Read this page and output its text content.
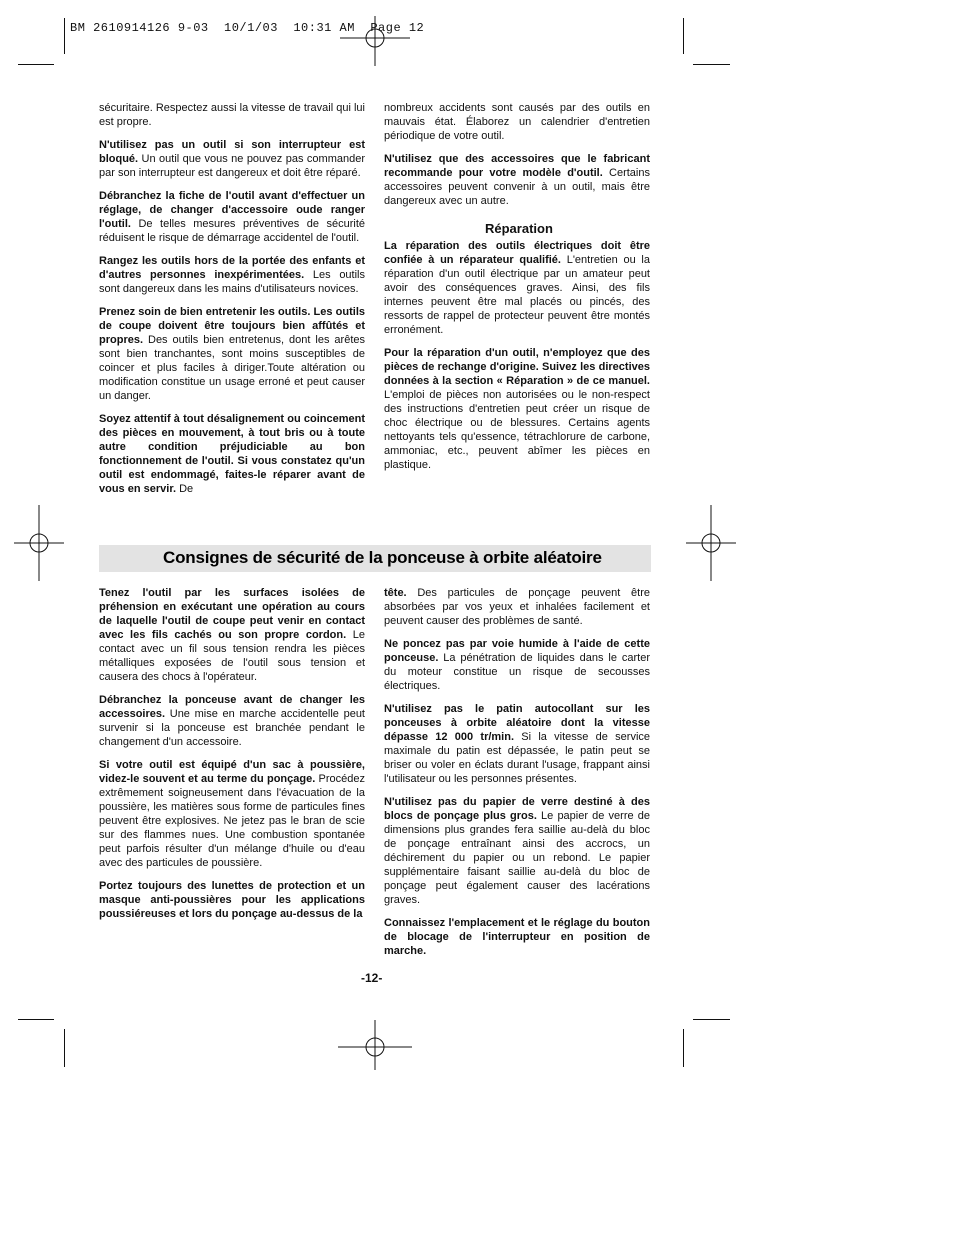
BM 2610914126 9-03  10/1/03  10:31 AM  Page 12

sécuritaire. Respectez aussi la vitesse de travail qui lui est propre.

N'utilisez pas un outil si son interrupteur est bloqué. Un outil que vous ne pouvez pas commander par son interrupteur est dangereux et doit être réparé.

Débranchez la fiche de l'outil avant d'effectuer un réglage, de changer d'accessoire oude ranger l'outil. De telles mesures préventives de sécurité réduisent le risque de démarrage accidentel de l'outil.

Rangez les outils hors de la portée des enfants et d'autres personnes inexpérimentées. Les outils sont dangereux dans les mains d'utilisateurs novices.

Prenez soin de bien entretenir les outils. Les outils de coupe doivent être toujours bien affûtés et propres. Des outils bien entretenus, dont les arêtes sont bien tranchantes, sont moins susceptibles de coincer et plus faciles à diriger.Toute altération ou modification constitue un usage erroné et peut causer un danger.

Soyez attentif à tout désalignement ou coincement des pièces en mouvement, à tout bris ou à toute autre condition préjudiciable au bon fonctionnement de l'outil. Si vous constatez qu'un outil est endommagé, faites-le réparer avant de vous en servir. De

nombreux accidents sont causés par des outils en mauvais état. Élaborez un calendrier d'entretien périodique de votre outil.

N'utilisez que des accessoires que le fabricant recommande pour votre modèle d'outil. Certains accessoires peuvent convenir à un outil, mais être dangereux avec un autre.

Réparation

La réparation des outils électriques doit être confiée à un réparateur qualifié. L'entretien ou la réparation d'un outil électrique par un amateur peut avoir des conséquences graves. Ainsi, des fils internes peuvent être mal placés ou pincés, des ressorts de rappel de protecteur peuvent être montés erronément.

Pour la réparation d'un outil, n'employez que des pièces de rechange d'origine. Suivez les directives données à la section « Réparation » de ce manuel. L'emploi de pièces non autorisées ou le non-respect des instructions d'entretien peut créer un risque de choc électrique ou de blessures. Certains agents nettoyants tels qu'essence, tétrachlorure de carbone, ammoniac, etc., peuvent abîmer les pièces en plastique.

Consignes de sécurité de la ponceuse à orbite aléatoire

Tenez l'outil par les surfaces isolées de préhension en exécutant une opération au cours de laquelle l'outil de coupe peut venir en contact avec les fils cachés ou son propre cordon. Le contact avec un fil sous tension rendra les pièces métalliques exposées de l'outil sous tension et causera des chocs à l'opérateur.

Débranchez la ponceuse avant de changer les accessoires. Une mise en marche accidentelle peut survenir si la ponceuse est branchée pendant le changement d'un accessoire.

Si votre outil est équipé d'un sac à poussière, videz-le souvent et au terme du ponçage. Procédez extrêmement soigneusement dans l'évacuation de la poussière, les matières sous forme de particules fines peuvent être explosives. Ne jetez pas le bran de scie sur des flammes nues. Une combustion spontanée peut parfois résulter d'un mélange d'huile ou d'eau avec des particules de poussière.

Portez toujours des lunettes de protection et un masque anti-poussières pour les applications poussiéreuses et lors du ponçage au-dessus de la

tête. Des particules de ponçage peuvent être absorbées par vos yeux et inhalées facilement et peuvent causer des problèmes de santé.

Ne poncez pas par voie humide à l'aide de cette ponceuse. La pénétration de liquides dans le carter du moteur constitue un risque de secousses électriques.

N'utilisez pas le patin autocollant sur les ponceuses à orbite aléatoire dont la vitesse dépasse 12 000 tr/min. Si la vitesse de service maximale du patin est dépassée, le patin peut se briser ou voler en éclats durant l'usage, frappant ainsi l'utilisateur ou les personnes présentes.

N'utilisez pas du papier de verre destiné à des blocs de ponçage plus gros. Le papier de verre de dimensions plus grandes fera saillie au-delà du bloc de ponçage entraînant ainsi des accrocs, un déchirement du papier ou un rebond. Le papier supplémentaire faisant saillie au-delà du bloc de ponçage peut également causer des lacérations graves.

Connaissez l'emplacement et le réglage du bouton de blocage de l'interrupteur en position de marche.

-12-
